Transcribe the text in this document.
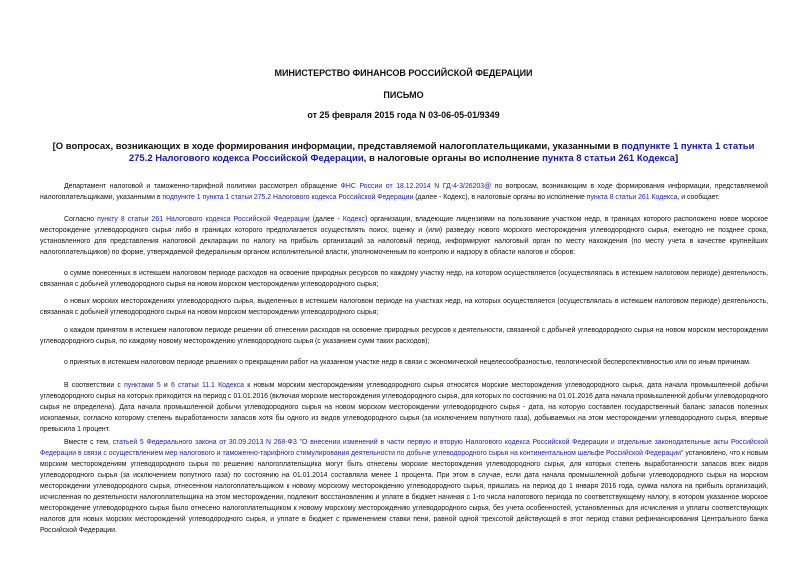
МИНИСТЕРСТВО ФИНАНСОВ РОССИЙСКОЙ ФЕДЕРАЦИИ
ПИСЬМО
от 25 февраля 2015 года N 03-06-05-01/9349
[О вопросах, возникающих в ходе формирования информации, представляемой налогоплательщиками, указанными в подпункте 1 пункта 1 статьи 275.2 Налогового кодекса Российской Федерации, в налоговые органы во исполнение пункта 8 статьи 261 Кодекса]

Департамент налоговой и таможенно-тарифной политики рассмотрел обращение ФНС России от 18.12.2014 N ГД-4-3/26203@ по вопросам, возникающим в ходе формирования информации, представляемой налогоплательщиками, указанными в подпункте 1 пункта 1 статьи 275.2 Налогового кодекса Российской Федерации (далее - Кодекс), в налоговые органы во исполнение пункта 8 статьи 261 Кодекса, и сообщает.

Согласно пункту 8 статьи 261 Налогового кодекса Российской Федерации (далее - Кодекс) организации, владеющие лицензиями на пользование участком недр, в границах которого расположено новое морское месторождение углеводородного сырья либо в границах которого предполагается осуществлять поиск, оценку и (или) разведку нового морского месторождения углеводородного сырья, ежегодно не позднее срока, установленного для представления налоговой декларации по налогу на прибыль организаций за налоговый период, информируют налоговый орган по месту нахождения (по месту учета в качестве крупнейших налогоплательщиков) по форме, утверждаемой федеральным органом исполнительной власти, уполномоченным по контролю и надзору в области налогов и сборов:

о сумме понесенных в истекшем налоговом периоде расходов на освоение природных ресурсов по каждому участку недр, на котором осуществляется (осуществлялась в истекшем налоговом периоде) деятельность, связанная с добычей углеводородного сырья на новом морском месторождении углеводородного сырья;

о новых морских месторождениях углеводородного сырья, выделенных в истекшем налоговом периоде на участках недр, на которых осуществляется (осуществлялась в истекшем налоговом периоде) деятельность, связанная с добычей углеводородного сырья на новом морском месторождении углеводородного сырья;

о каждом принятом в истекшем налоговом периоде решении об отнесении расходов на освоение природных ресурсов к деятельности, связанной с добычей углеводородного сырья на новом морском месторождении углеводородного сырья, по каждому новому месторождению углеводородного сырья (с указанием сумм таких расходов);

о принятых в истекшем налоговом периоде решениях о прекращении работ на указанном участке недр в связи с экономической нецелесообразностью, геологической бесперспективностью или по иным причинам.

В соответствии с пунктами 5 и 6 статьи 11.1 Кодекса к новым морским месторождениям углеводородного сырья относятся морские месторождения углеводородного сырья, дата начала промышленной добычи углеводородного сырья на которых приходится на период с 01.01.2016 (включая морские месторождения углеводородного сырья, для которых по состоянию на 01.01.2016 дата начала промышленной добычи углеводородного сырья не определена). Дата начала промышленной добычи углеводородного сырья на новом морском месторождении углеводородного сырья - дата, на которую составлен государственный баланс запасов полезных ископаемых, согласно которому степень выработанности запасов хотя бы одного из видов углеводородного сырья (за исключением попутного газа), добываемых на этом месторождении углеводородного сырья, впервые превысила 1 процент.

Вместе с тем, статьей 5 Федерального закона от 30.09.2013 N 268-ФЗ "О внесении изменений в части первую и вторую Налогового кодекса Российской Федерации и отдельные законодательные акты Российской Федерации в связи с осуществлением мер налогового и таможенно-тарифного стимулирования деятельности по добыче углеводородного сырья на континентальном шельфе Российской Федерации" установлено, что к новым морским месторождениям углеводородного сырья по решению налогоплательщика могут быть отнесены морские месторождения углеводородного сырья, для которых степень выработанности запасов всех видов углеводородного сырья (за исключением попутного газа) по состоянию на 01.01.2014 составляла менее 1 процента. При этом в случае, если дата начала промышленной добычи углеводородного сырья на морском месторождении углеводородного сырья, отнесенном налогоплательщиком к новому морскому месторождению углеводородного сырья, пришлась на период до 1 января 2016 года, сумма налога на прибыль организаций, исчисленная по деятельности налогоплательщика на этом месторождении, подлежит восстановлению и уплате в бюджет начиная с 1-го числа налогового периода по соответствующему налогу, в котором указанное морское месторождение углеводородного сырья было отнесено налогоплательщиком к новому морскому месторождению углеводородного сырья, без учета особенностей, установленных для исчисления и уплаты соответствующих налогов для новых морских месторождений углеводородного сырья, и уплате в бюджет с применением ставки пени, равной одной трехсотой действующей в этот период ставки рефинансирования Центрального банка Российской Федерации.
